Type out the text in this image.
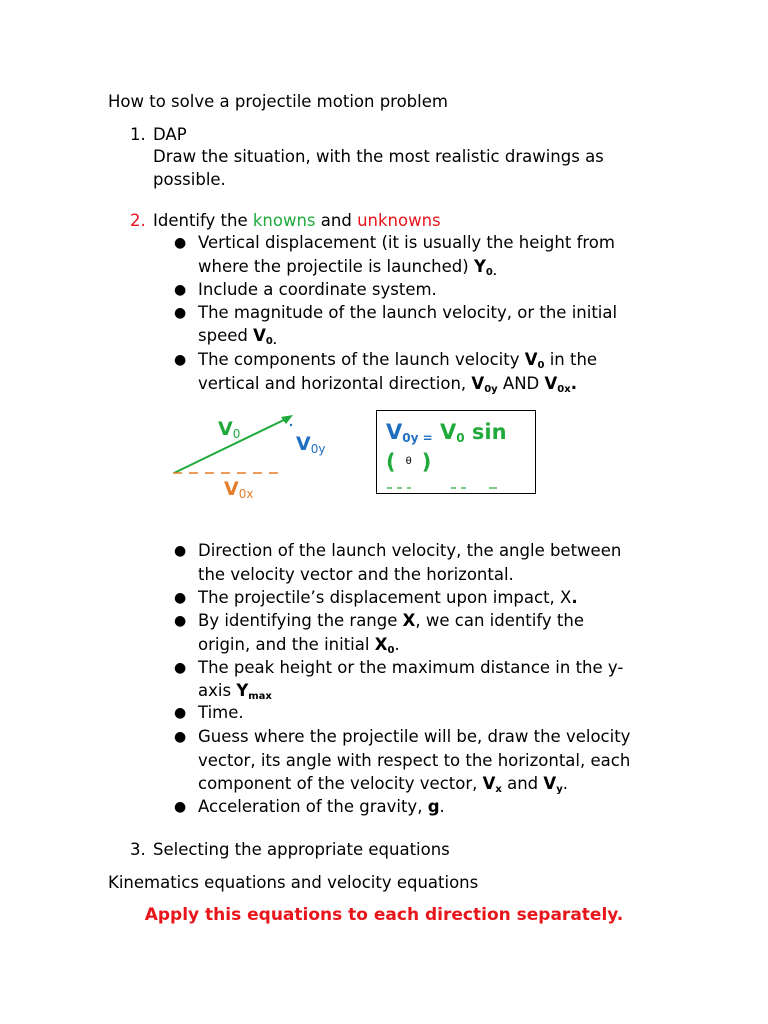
How to solve a projectile motion problem
1. DAP
Draw the situation, with the most realistic drawings as
possible.
2. Identify the knowns and unknowns
● Vertical displacement (it is usually the height from
where the projectile is launched) $Y_{0.}$
● Include a coordinate system.
● The magnitude of the launch velocity, or the initial
speed $V_{0.}$
● The components of the launch velocity $V_0$ in the
vertical and horizontal direction, $V_{0y}$ AND $V_{0x}$.
$V_0$	$V_{0y}$
$V_{0x}$
$V_{0y =}$ $V_0$ sin
( $^\theta$ )
● Direction of the launch velocity, the angle between
the velocity vector and the horizontal.
● The projectile’s displacement upon impact, X.
● By identifying the range X, we can identify the
origin, and the initial $X_0$.
● The peak height or the maximum distance in the y-
axis $Y_{max}$
● Time.
● Guess where the projectile will be, draw the velocity
vector, its angle with respect to the horizontal, each
component of the velocity vector, $V_x$ and $V_y$.
● Acceleration of the gravity, g.
3. Selecting the appropriate equations
Kinematics equations and velocity equations
Apply this equations to each direction separately.
